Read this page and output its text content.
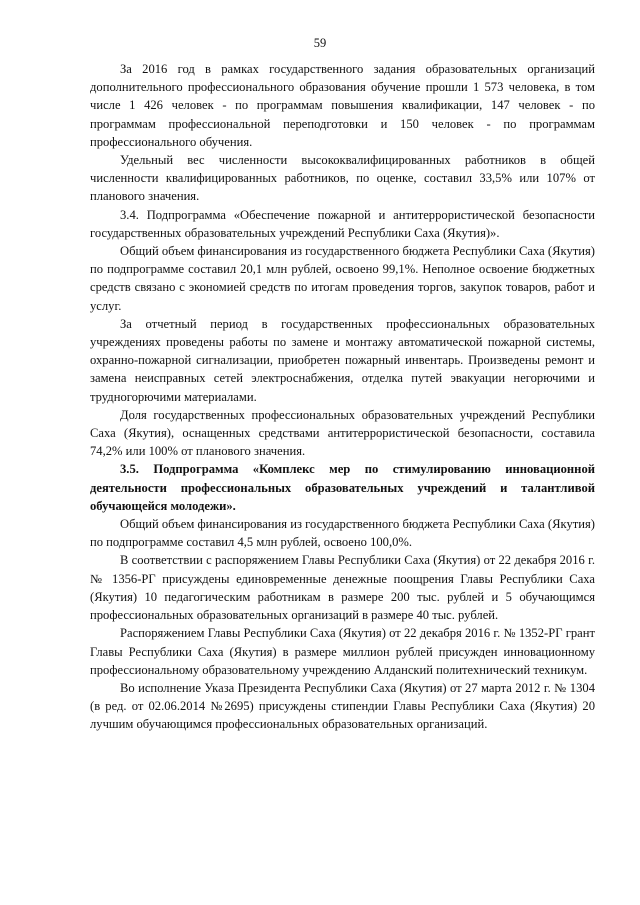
59

За 2016 год в рамках государственного задания образовательных организаций дополнительного профессионального образования обучение прошли 1 573 человека, в том числе 1 426 человек - по программам повышения квалификации, 147 человек - по программам профессиональной переподготовки и 150 человек - по программам профессионального обучения.

Удельный вес численности высококвалифицированных работников в общей численности квалифицированных работников, по оценке, составил 33,5% или 107% от планового значения.

3.4. Подпрограмма «Обеспечение пожарной и антитеррористической безопасности государственных образовательных учреждений Республики Саха (Якутия)».

Общий объем финансирования из государственного бюджета Республики Саха (Якутия) по подпрограмме составил 20,1 млн рублей, освоено 99,1%. Неполное освоение бюджетных средств связано с экономией средств по итогам проведения торгов, закупок товаров, работ и услуг.

За отчетный период в государственных профессиональных образовательных учреждениях проведены работы по замене и монтажу автоматической пожарной системы, охранно-пожарной сигнализации, приобретен пожарный инвентарь. Произведены ремонт и замена неисправных сетей электроснабжения, отделка путей эвакуации негорючими и трудногорючими материалами.

Доля государственных профессиональных образовательных учреждений Республики Саха (Якутия), оснащенных средствами антитеррористической безопасности, составила 74,2% или 100% от планового значения.

3.5. Подпрограмма «Комплекс мер по стимулированию инновационной деятельности профессиональных образовательных учреждений и талантливой обучающейся молодежи».

Общий объем финансирования из государственного бюджета Республики Саха (Якутия) по подпрограмме составил 4,5 млн рублей, освоено 100,0%.

В соответствии с распоряжением Главы Республики Саха (Якутия) от 22 декабря 2016 г. № 1356-РГ присуждены единовременные денежные поощрения Главы Республики Саха (Якутия) 10 педагогическим работникам в размере 200 тыс. рублей и 5 обучающимся профессиональных образовательных организаций в размере 40 тыс. рублей.

Распоряжением Главы Республики Саха (Якутия) от 22 декабря 2016 г. № 1352-РГ грант Главы Республики Саха (Якутия) в размере миллион рублей присужден инновационному профессиональному образовательному учреждению Алданский политехнический техникум.

Во исполнение Указа Президента Республики Саха (Якутия) от 27 марта 2012 г. № 1304 (в ред. от 02.06.2014 №2695) присуждены стипендии Главы Республики Саха (Якутия) 20 лучшим обучающимся профессиональных образовательных организаций.
